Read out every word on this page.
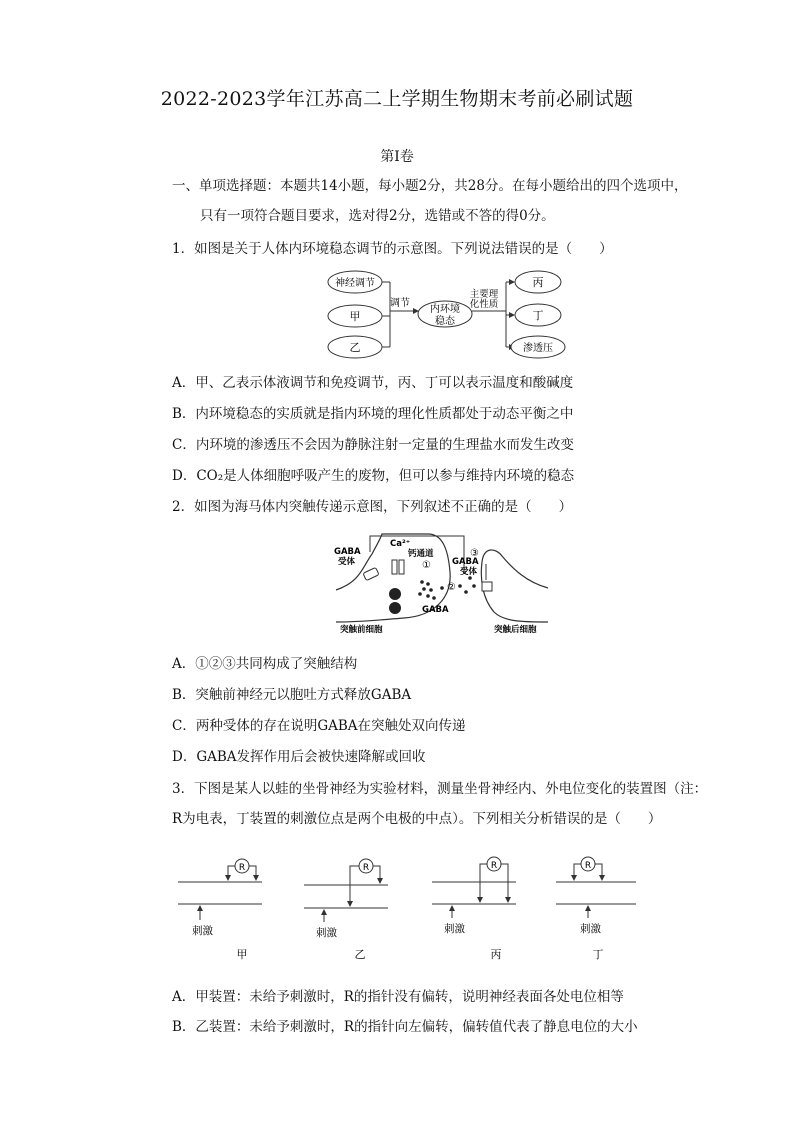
2022-2023学年江苏高二上学期生物期末考前必刷试题
第Ⅰ卷
一、单项选择题：本题共14小题，每小题2分，共28分。在每小题给出的四个选项中，
只有一项符合题目要求，选对得2分，选错或不答的得0分。
1．如图是关于人体内环境稳态调节的示意图。下列说法错误的是（　　）
神经调节
甲
乙
调节
内环境
稳态
主要理
化性质
丙
丁
渗透压
A．甲、乙表示体液调节和免疫调节，丙、丁可以表示温度和酸碱度
B．内环境稳态的实质就是指内环境的理化性质都处于动态平衡之中
C．内环境的渗透压不会因为静脉注射一定量的生理盐水而发生改变
D．CO₂是人体细胞呼吸产生的废物，但可以参与维持内环境的稳态
2．如图为海马体内突触传递示意图，下列叙述不正确的是（　　）
GABA
受体
Ca²⁺
钙通道
①
②
③
GABA
受体
GABA
突触前细胞	突触后细胞
A．①②③共同构成了突触结构
B．突触前神经元以胞吐方式释放GABA
C．两种受体的存在说明GABA在突触处双向传递
D．GABA发挥作用后会被快速降解或回收
3．下图是某人以蛙的坐骨神经为实验材料，测量坐骨神经内、外电位变化的装置图（注：
R为电表，丁装置的刺激位点是两个电极的中点）。下列相关分析错误的是（　　）
R
刺激
甲
R
刺激
乙
R
刺激
丙
R
刺激
丁
A．甲装置：未给予刺激时，R的指针没有偏转，说明神经表面各处电位相等
B．乙装置：未给予刺激时，R的指针向左偏转，偏转值代表了静息电位的大小
